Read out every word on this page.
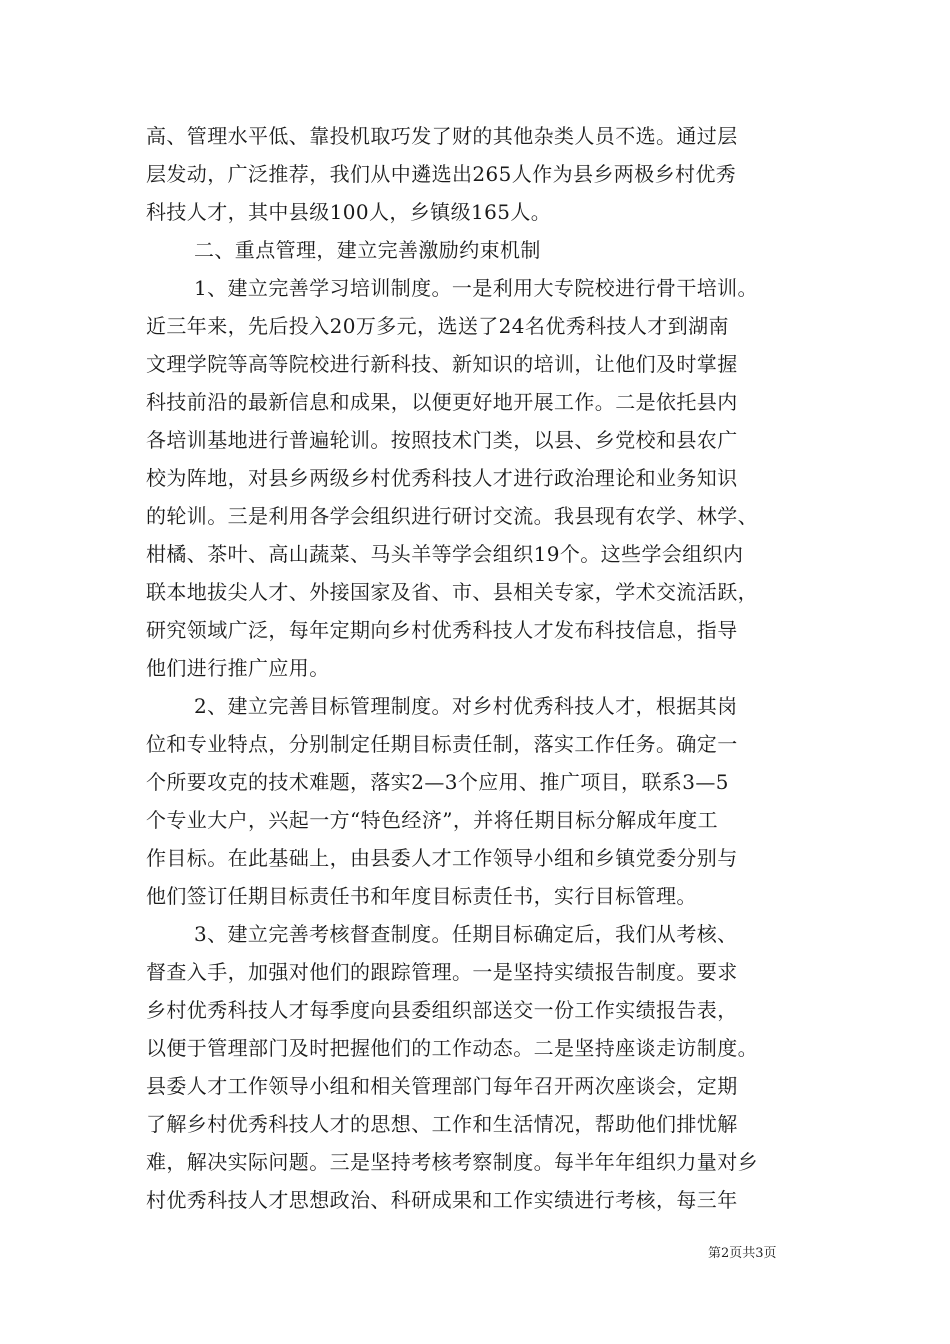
高、管理水平低、靠投机取巧发了财的其他杂类人员不选。通过层
层发动，广泛推荐，我们从中遴选出265人作为县乡两极乡村优秀
科技人才，其中县级100人，乡镇级165人。
二、重点管理，建立完善激励约束机制
1、建立完善学习培训制度。一是利用大专院校进行骨干培训。
近三年来，先后投入20万多元，选送了24名优秀科技人才到湖南
文理学院等高等院校进行新科技、新知识的培训，让他们及时掌握
科技前沿的最新信息和成果，以便更好地开展工作。二是依托县内
各培训基地进行普遍轮训。按照技术门类，以县、乡党校和县农广
校为阵地，对县乡两级乡村优秀科技人才进行政治理论和业务知识
的轮训。三是利用各学会组织进行研讨交流。我县现有农学、林学、
柑橘、茶叶、高山蔬菜、马头羊等学会组织19个。这些学会组织内
联本地拔尖人才、外接国家及省、市、县相关专家，学术交流活跃，
研究领域广泛，每年定期向乡村优秀科技人才发布科技信息，指导
他们进行推广应用。
2、建立完善目标管理制度。对乡村优秀科技人才，根据其岗
位和专业特点，分别制定任期目标责任制，落实工作任务。确定一
个所要攻克的技术难题，落实2—3个应用、推广项目，联系3—5
个专业大户，兴起一方“特色经济”，并将任期目标分解成年度工
作目标。在此基础上，由县委人才工作领导小组和乡镇党委分别与
他们签订任期目标责任书和年度目标责任书，实行目标管理。
3、建立完善考核督查制度。任期目标确定后，我们从考核、
督查入手，加强对他们的跟踪管理。一是坚持实绩报告制度。要求
乡村优秀科技人才每季度向县委组织部送交一份工作实绩报告表，
以便于管理部门及时把握他们的工作动态。二是坚持座谈走访制度。
县委人才工作领导小组和相关管理部门每年召开两次座谈会，定期
了解乡村优秀科技人才的思想、工作和生活情况，帮助他们排忧解
难，解决实际问题。三是坚持考核考察制度。每半年年组织力量对乡
村优秀科技人才思想政治、科研成果和工作实绩进行考核，每三年
第2页共3页
